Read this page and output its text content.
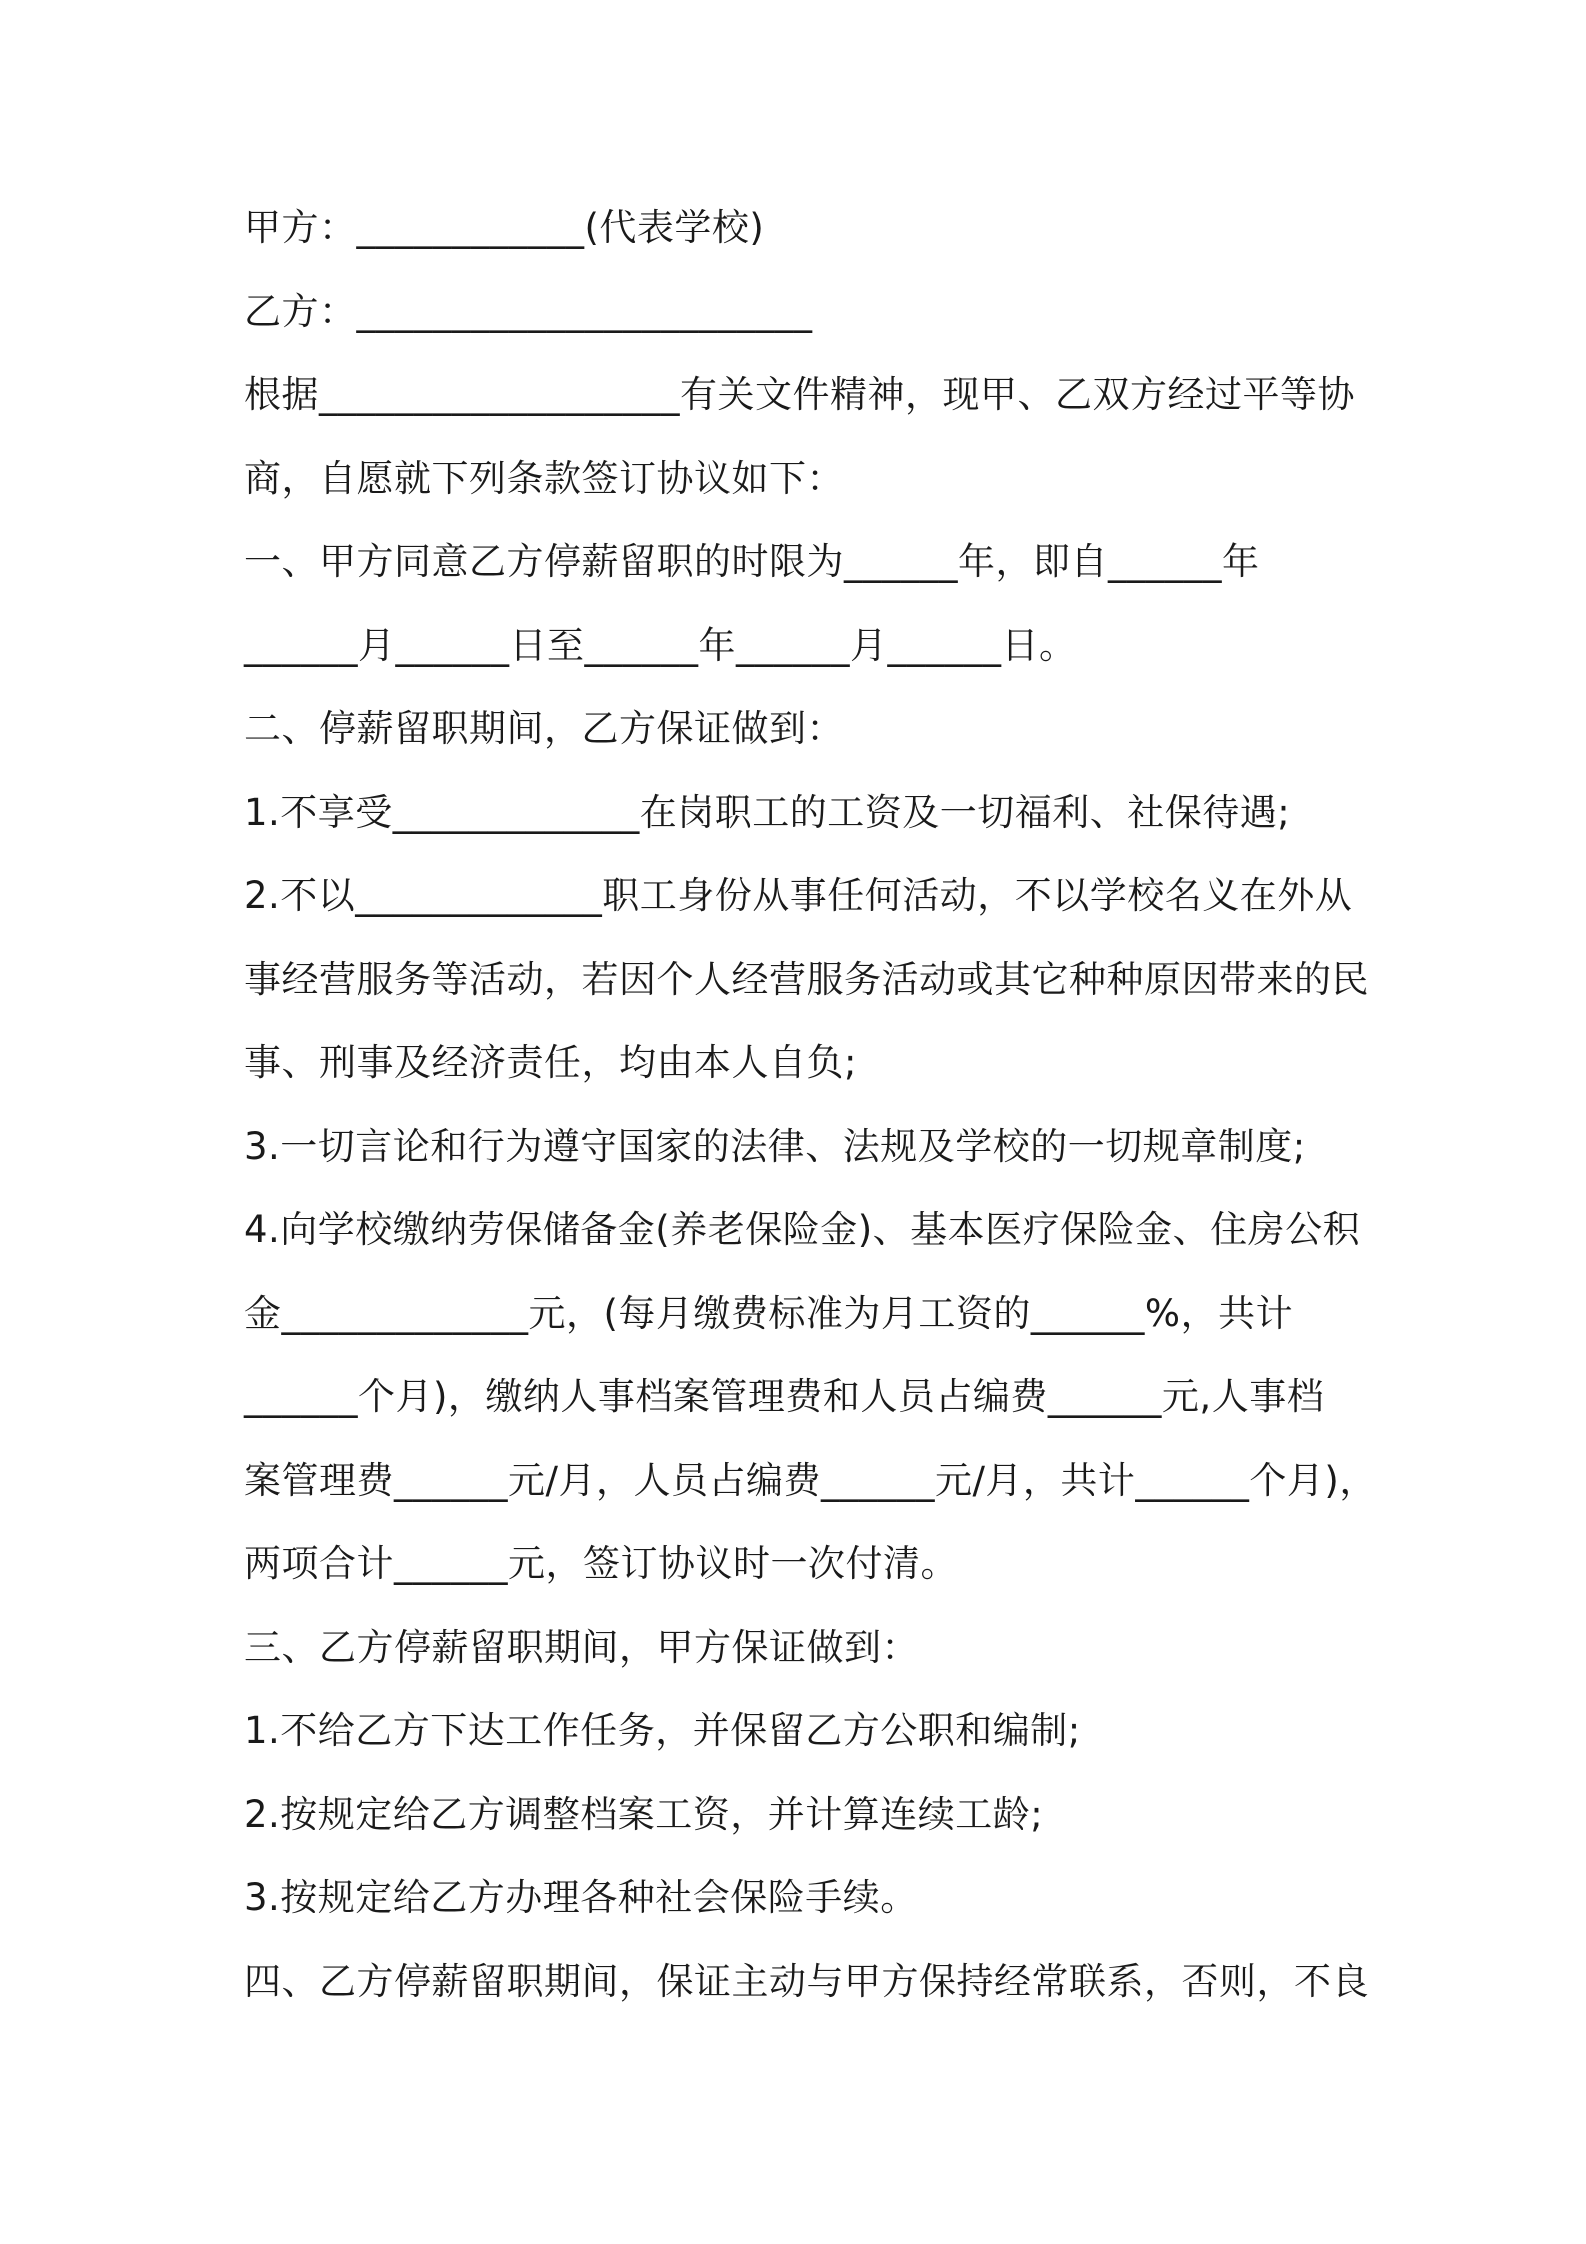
甲方：____________(代表学校)
乙方：________________________
根据___________________有关文件精神，现甲、乙双方经过平等协
商，自愿就下列条款签订协议如下：
一、甲方同意乙方停薪留职的时限为______年，即自______年
______月______日至______年______月______日。
二、停薪留职期间，乙方保证做到：
1.不享受_____________在岗职工的工资及一切福利、社保待遇;
2.不以_____________职工身份从事任何活动，不以学校名义在外从
事经营服务等活动，若因个人经营服务活动或其它种种原因带来的民
事、刑事及经济责任，均由本人自负;
3.一切言论和行为遵守国家的法律、法规及学校的一切规章制度;
4.向学校缴纳劳保储备金(养老保险金)、基本医疗保险金、住房公积
金_____________元，(每月缴费标准为月工资的______%，共计
______个月)，缴纳人事档案管理费和人员占编费______元,人事档
案管理费______元/月，人员占编费______元/月，共计______个月)，
两项合计______元，签订协议时一次付清。
三、乙方停薪留职期间，甲方保证做到：
1.不给乙方下达工作任务，并保留乙方公职和编制;
2.按规定给乙方调整档案工资，并计算连续工龄;
3.按规定给乙方办理各种社会保险手续。
四、乙方停薪留职期间，保证主动与甲方保持经常联系，否则，不良
